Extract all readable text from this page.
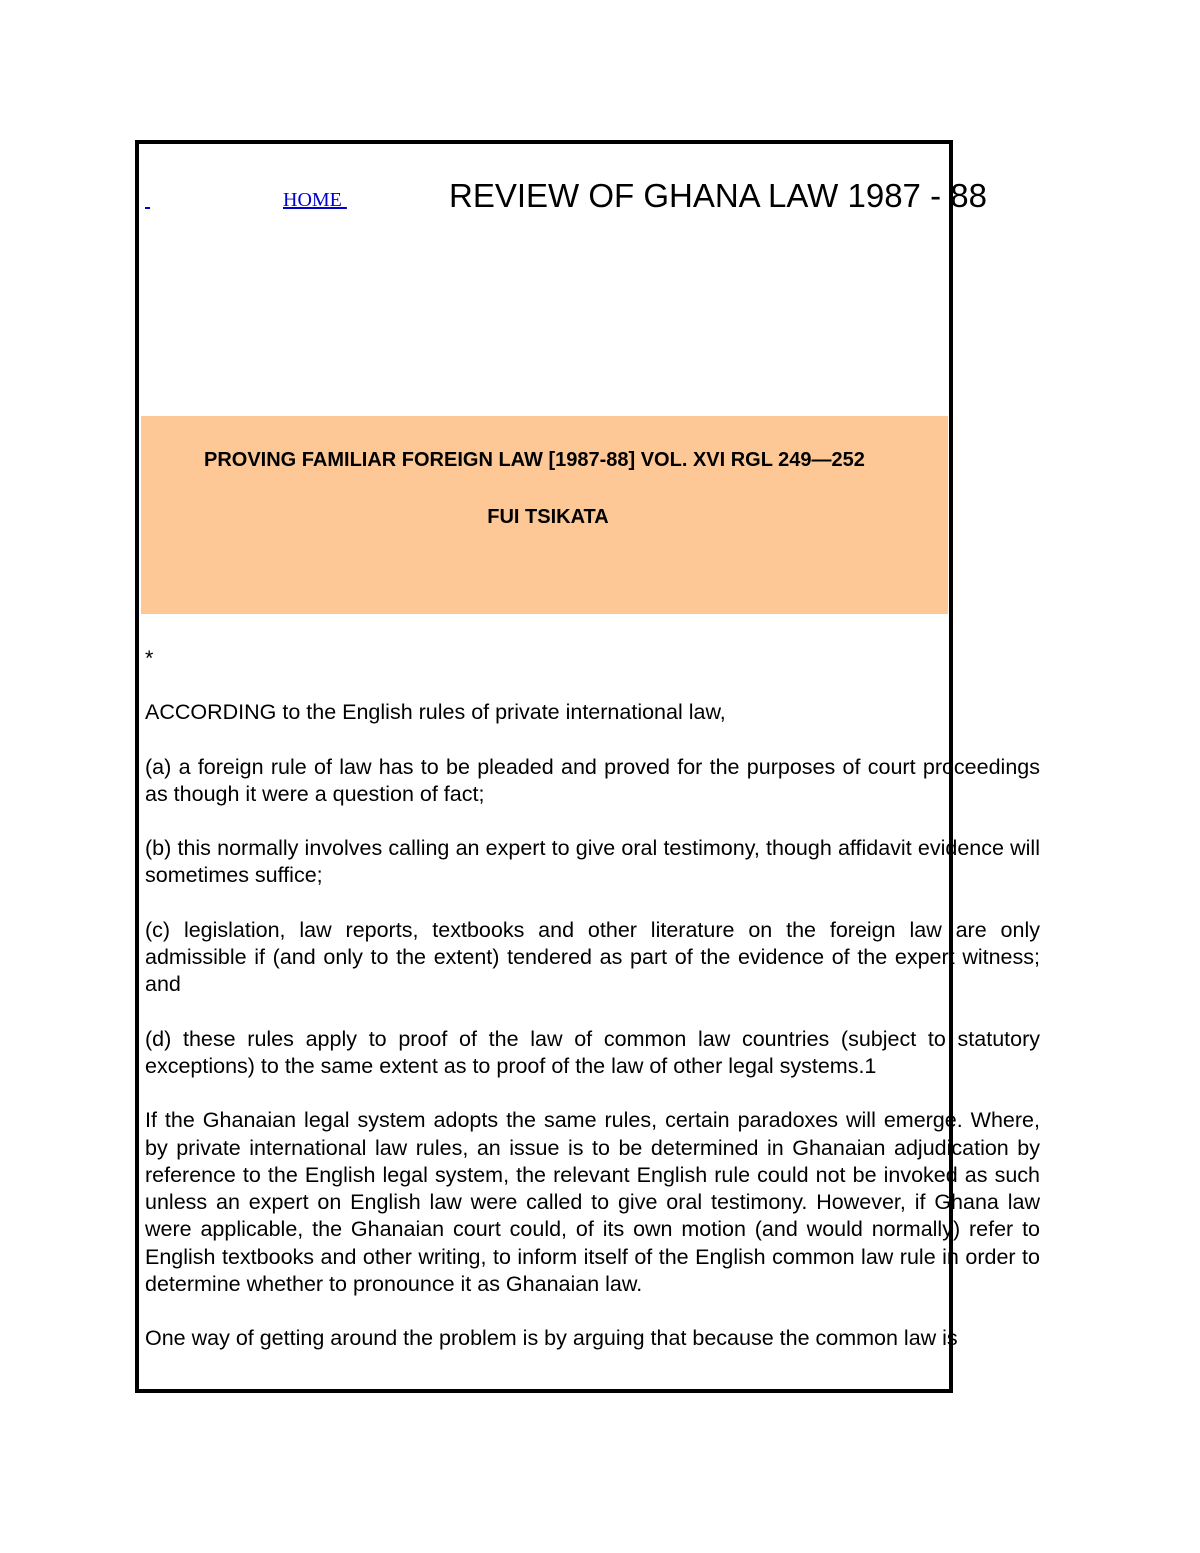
HOME	REVIEW OF GHANA LAW 1987 - 88
PROVING FAMILIAR FOREIGN LAW [1987-88] VOL. XVI RGL 249—252
FUI TSIKATA

*

ACCORDING to the English rules of private international law,

(a) a foreign rule of law has to be pleaded and proved for the purposes of court proceedings as though it were a question of fact;

(b) this normally involves calling an expert to give oral testimony, though affidavit evidence will sometimes suffice;

(c) legislation, law reports, textbooks and other literature on the foreign law are only admissible if (and only to the extent) tendered as part of the evidence of the expert witness; and

(d) these rules apply to proof of the law of common law countries (subject to statutory exceptions) to the same extent as to proof of the law of other legal systems.1

If the Ghanaian legal system adopts the same rules, certain paradoxes will emerge. Where, by private international law rules, an issue is to be determined in Ghanaian adjudication by reference to the English legal system, the relevant English rule could not be invoked as such unless an expert on English law were called to give oral testimony. However, if Ghana law were applicable, the Ghanaian court could, of its own motion (and would normally) refer to English textbooks and other writing, to inform itself of the English common law rule in order to determine whether to pronounce it as Ghanaian law.

One way of getting around the problem is by arguing that because the common law is
